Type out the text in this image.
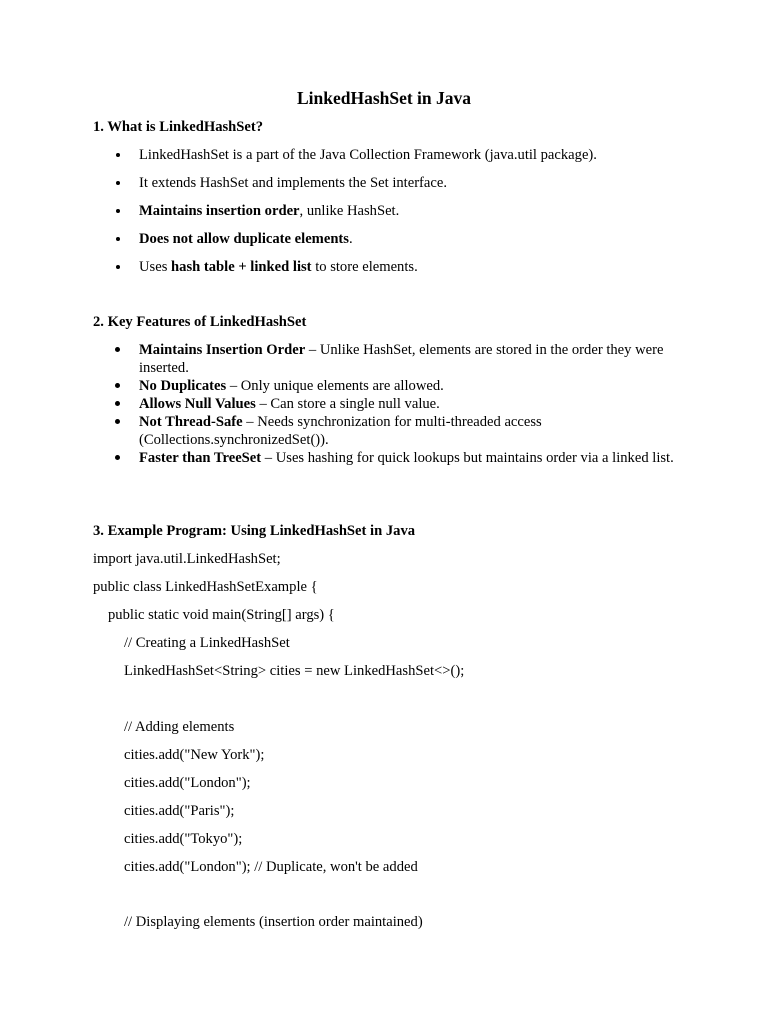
LinkedHashSet in Java
1. What is LinkedHashSet?
LinkedHashSet is a part of the Java Collection Framework (java.util package).
It extends HashSet and implements the Set interface.
Maintains insertion order, unlike HashSet.
Does not allow duplicate elements.
Uses hash table + linked list to store elements.
2. Key Features of LinkedHashSet
Maintains Insertion Order – Unlike HashSet, elements are stored in the order they were inserted.
No Duplicates – Only unique elements are allowed.
Allows Null Values – Can store a single null value.
Not Thread-Safe – Needs synchronization for multi-threaded access (Collections.synchronizedSet()).
Faster than TreeSet – Uses hashing for quick lookups but maintains order via a linked list.
3. Example Program: Using LinkedHashSet in Java
import java.util.LinkedHashSet;
public class LinkedHashSetExample {
public static void main(String[] args) {
// Creating a LinkedHashSet
LinkedHashSet<String> cities = new LinkedHashSet<>();
// Adding elements
cities.add("New York");
cities.add("London");
cities.add("Paris");
cities.add("Tokyo");
cities.add("London"); // Duplicate, won't be added
// Displaying elements (insertion order maintained)
